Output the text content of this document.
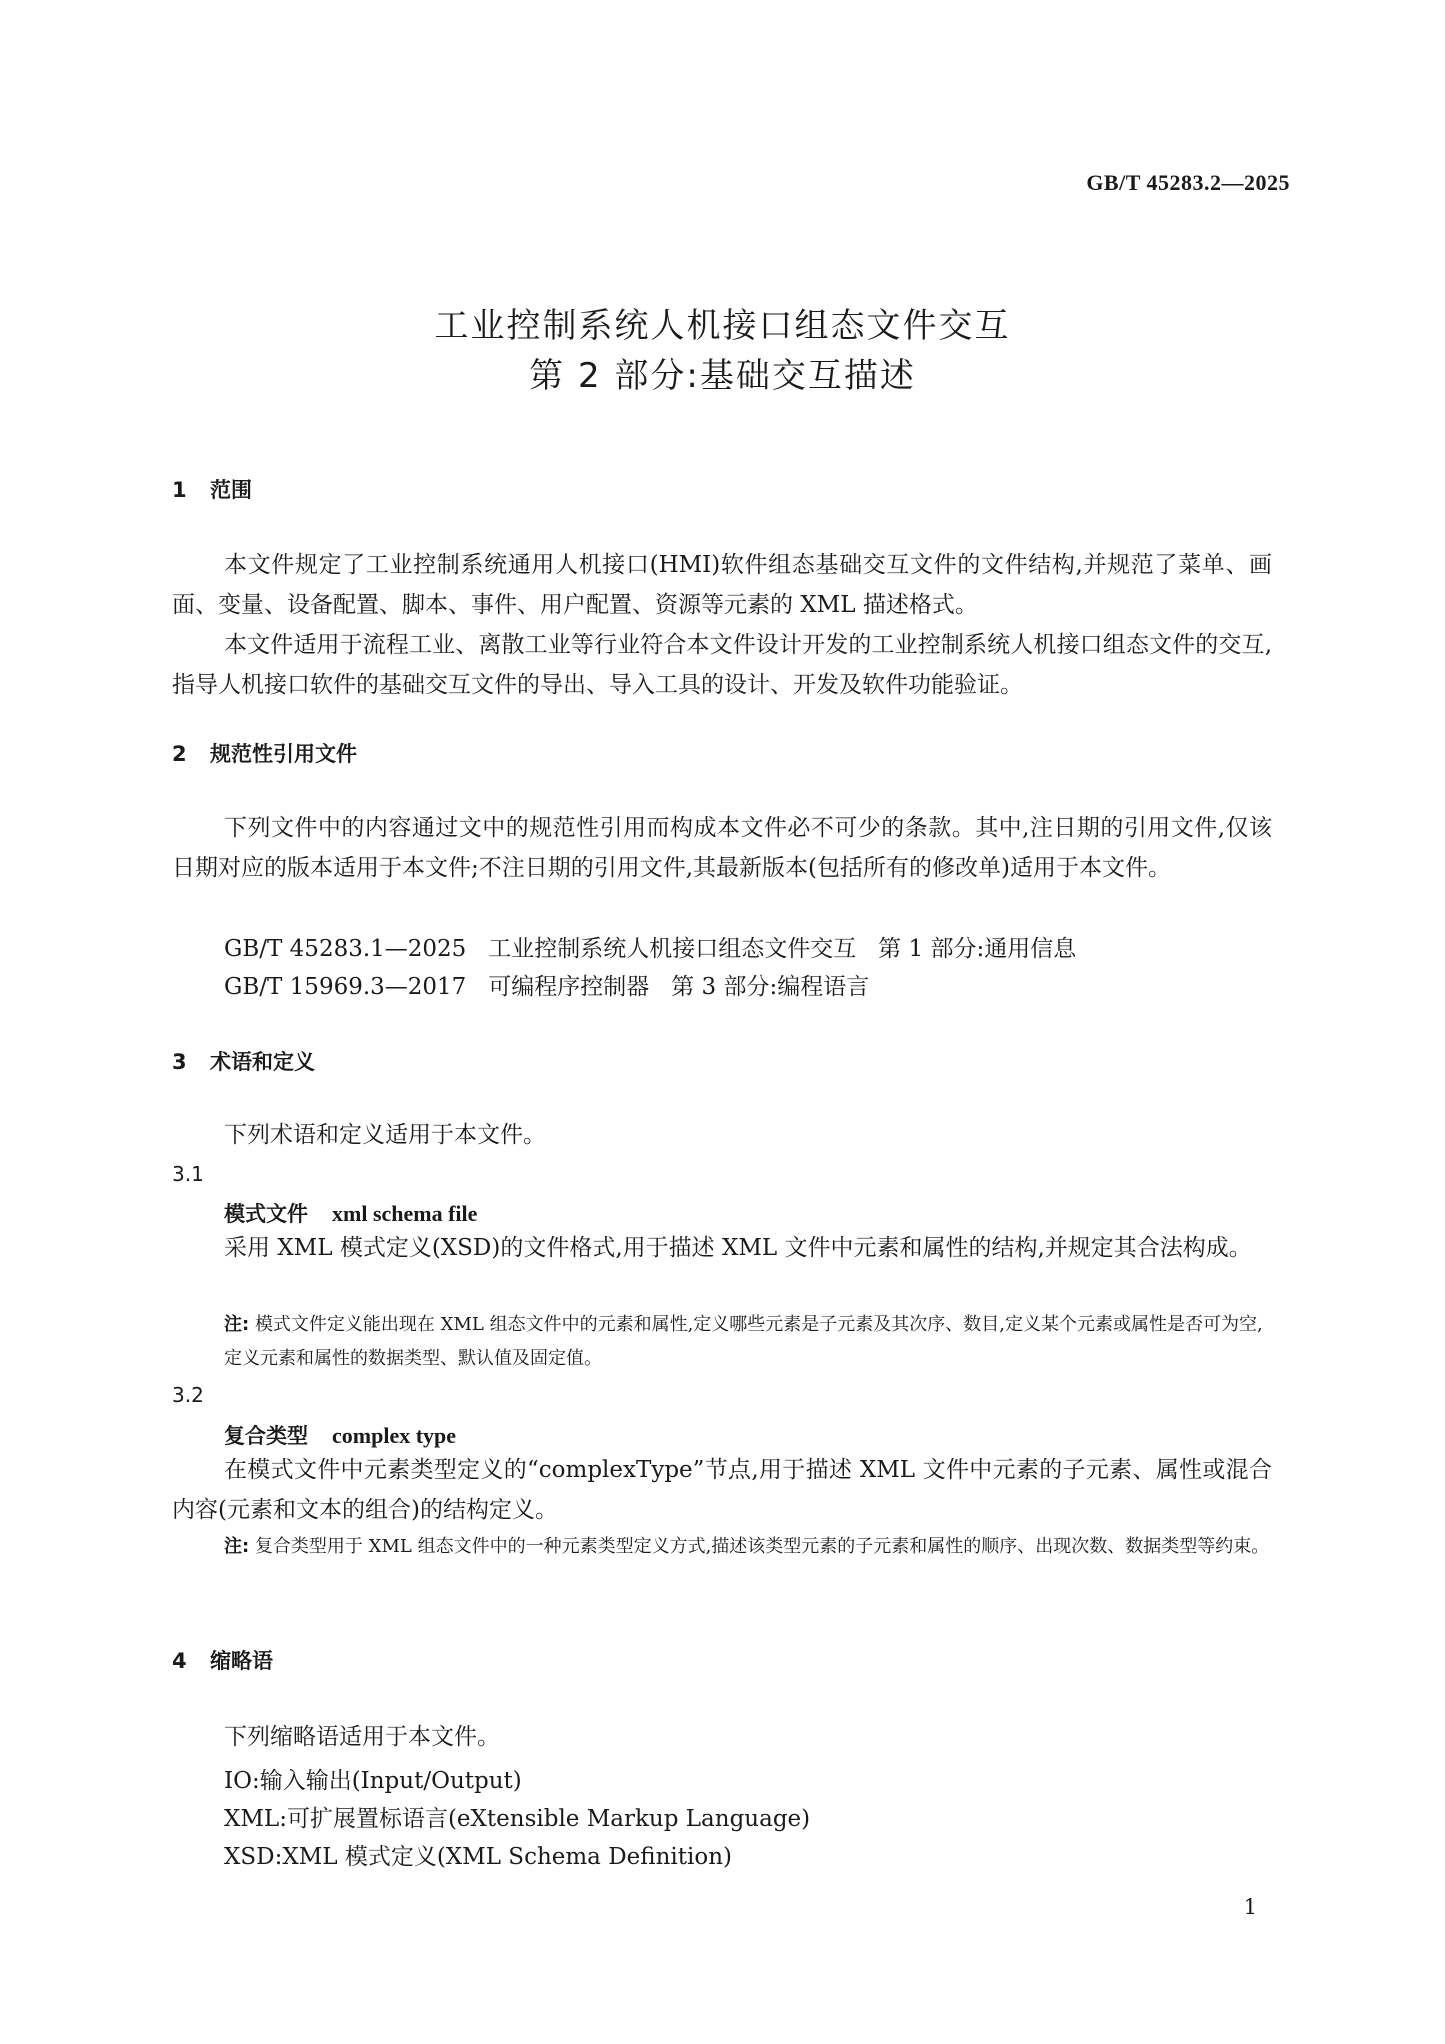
GB/T 45283.2—2025
工业控制系统人机接口组态文件交互
第 2 部分:基础交互描述
1 范围
本文件规定了工业控制系统通用人机接口(HMI)软件组态基础交互文件的文件结构,并规范了菜单、画面、变量、设备配置、脚本、事件、用户配置、资源等元素的 XML 描述格式。
本文件适用于流程工业、离散工业等行业符合本文件设计开发的工业控制系统人机接口组态文件的交互,指导人机接口软件的基础交互文件的导出、导入工具的设计、开发及软件功能验证。
2 规范性引用文件
下列文件中的内容通过文中的规范性引用而构成本文件必不可少的条款。其中,注日期的引用文件,仅该日期对应的版本适用于本文件;不注日期的引用文件,其最新版本(包括所有的修改单)适用于本文件。
GB/T 45283.1—2025   工业控制系统人机接口组态文件交互   第 1 部分:通用信息
GB/T 15969.3—2017   可编程序控制器   第 3 部分:编程语言
3 术语和定义
下列术语和定义适用于本文件。
3.1
模式文件 xml schema file
采用 XML 模式定义(XSD)的文件格式,用于描述 XML 文件中元素和属性的结构,并规定其合法构成。
注: 模式文件定义能出现在 XML 组态文件中的元素和属性,定义哪些元素是子元素及其次序、数目,定义某个元素或属性是否可为空,定义元素和属性的数据类型、默认值及固定值。
3.2
复合类型 complex type
在模式文件中元素类型定义的“complexType”节点,用于描述 XML 文件中元素的子元素、属性或混合内容(元素和文本的组合)的结构定义。
注: 复合类型用于 XML 组态文件中的一种元素类型定义方式,描述该类型元素的子元素和属性的顺序、出现次数、数据类型等约束。
4 缩略语
下列缩略语适用于本文件。
IO:输入输出(Input/Output)
XML:可扩展置标语言(eXtensible Markup Language)
XSD:XML 模式定义(XML Schema Definition)
1
